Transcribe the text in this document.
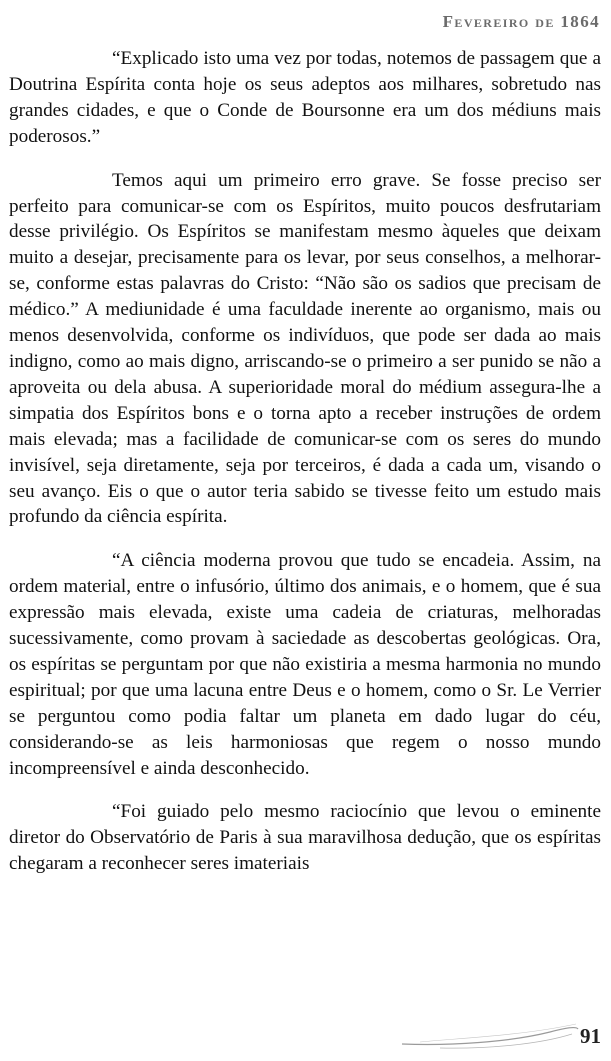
Fevereiro de 1864

“Explicado isto uma vez por todas, notemos de passagem que a Doutrina Espírita conta hoje os seus adeptos aos milhares, sobretudo nas grandes cidades, e que o Conde de Boursonne era um dos médiuns mais poderosos.”

Temos aqui um primeiro erro grave. Se fosse preciso ser perfeito para comunicar-se com os Espíritos, muito poucos desfrutariam desse privilégio. Os Espíritos se manifestam mesmo àqueles que deixam muito a desejar, precisamente para os levar, por seus conselhos, a melhorar-se, conforme estas palavras do Cristo: “Não são os sadios que precisam de médico.” A mediunidade é uma faculdade inerente ao organismo, mais ou menos desenvolvida, conforme os indivíduos, que pode ser dada ao mais indigno, como ao mais digno, arriscando-se o primeiro a ser punido se não a aproveita ou dela abusa. A superioridade moral do médium assegura-lhe a simpatia dos Espíritos bons e o torna apto a receber instruções de ordem mais elevada; mas a facilidade de comunicar-se com os seres do mundo invisível, seja diretamente, seja por terceiros, é dada a cada um, visando o seu avanço. Eis o que o autor teria sabido se tivesse feito um estudo mais profundo da ciência espírita.

“A ciência moderna provou que tudo se encadeia. Assim, na ordem material, entre o infusório, último dos animais, e o homem, que é sua expressão mais elevada, existe uma cadeia de criaturas, melhoradas sucessivamente, como provam à saciedade as descobertas geológicas. Ora, os espíritas se perguntam por que não existiria a mesma harmonia no mundo espiritual; por que uma lacuna entre Deus e o homem, como o Sr. Le Verrier se perguntou como podia faltar um planeta em dado lugar do céu, considerando-se as leis harmoniosas que regem o nosso mundo incompreensível e ainda desconhecido.

“Foi guiado pelo mesmo raciocínio que levou o eminente diretor do Observatório de Paris à sua maravilhosa dedução, que os espíritas chegaram a reconhecer seres imateriais

91
